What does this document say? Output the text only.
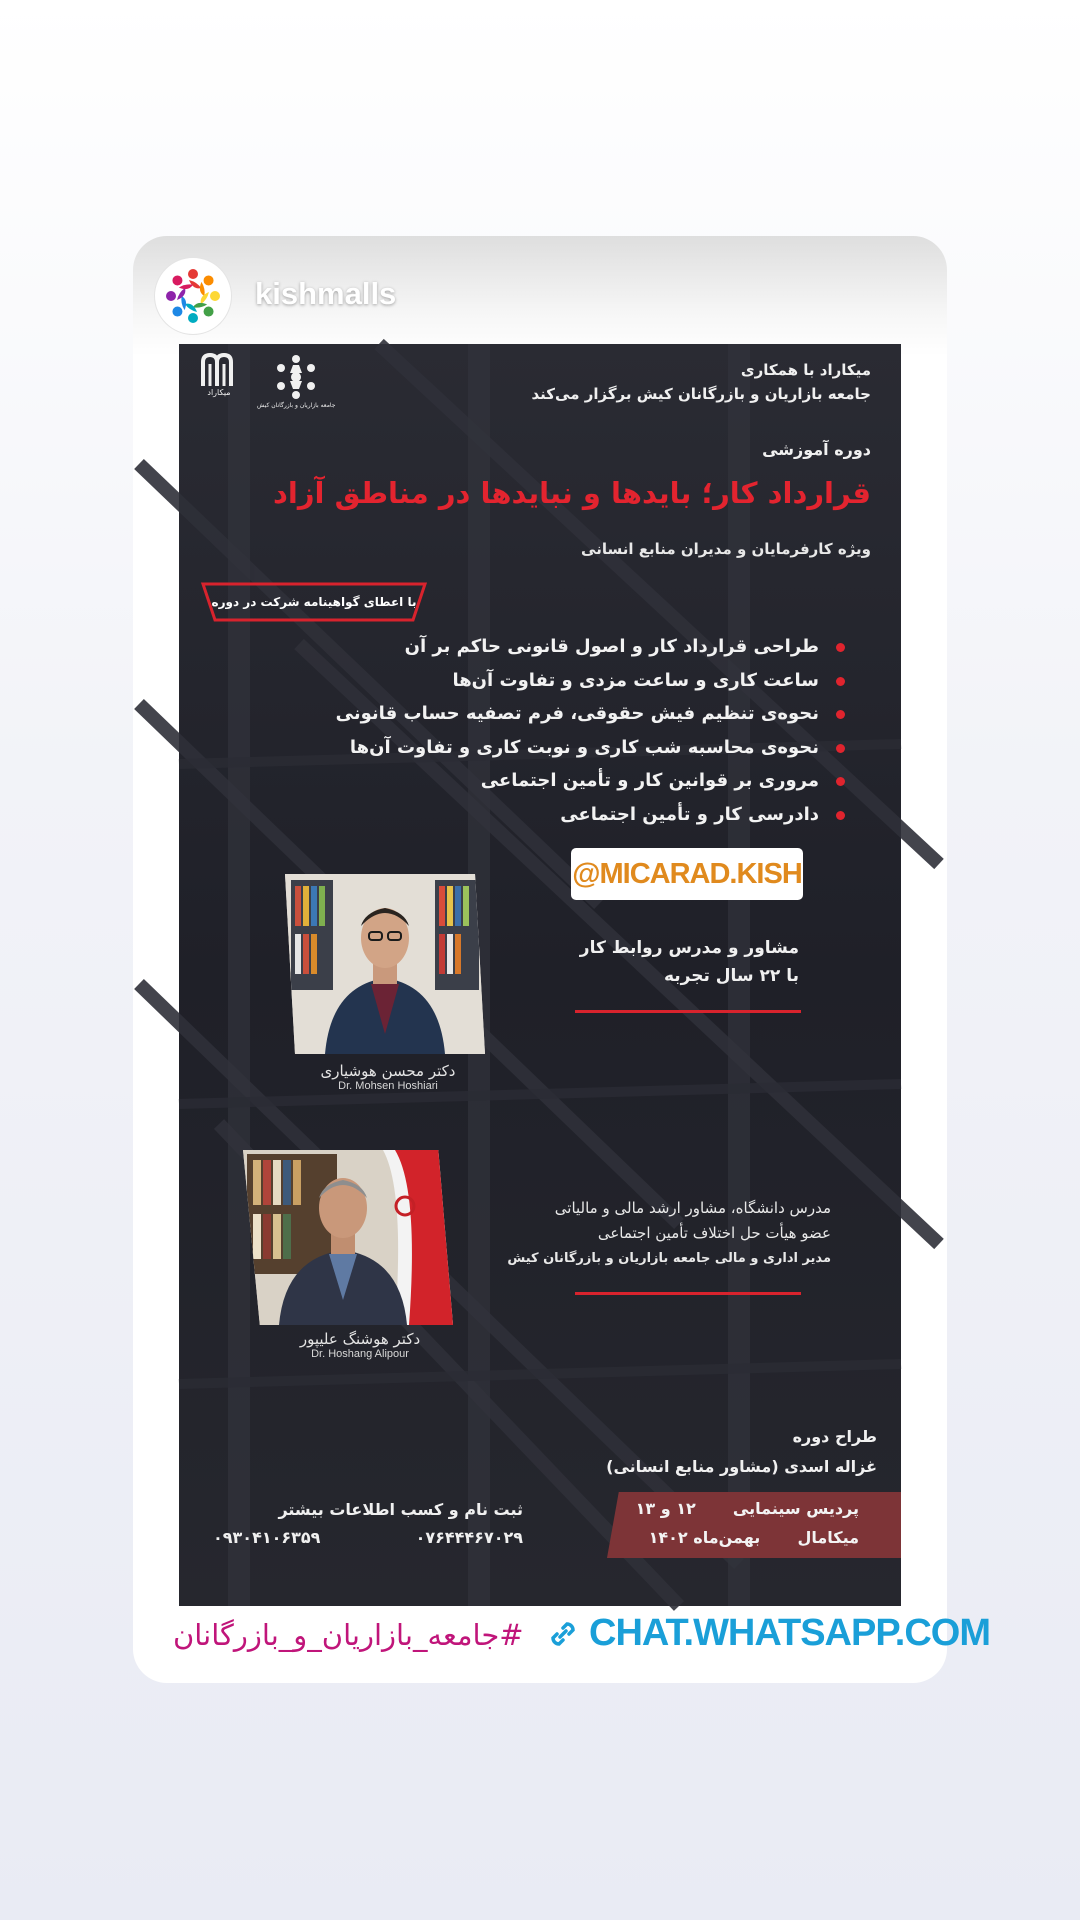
kishmalls
میکاراد
جامعه بازاریان و بازرگانان کیش
میکاراد با همکاری
جامعه بازاریان و بازرگانان کیش برگزار می‌کند
دوره آموزشی
قرارداد کار؛ بایدها و نبایدها در مناطق آزاد
ویژه کارفرمایان و مدیران منابع انسانی
با اعطای گواهینامه شرکت در دوره
طراحی قرارداد کار و اصول قانونی حاکم بر آن
ساعت کاری و ساعت مزدی و تفاوت آن‌ها
نحوه‌ی تنظیم فیش حقوقی، فرم تصفیه حساب قانونی
نحوه‌ی محاسبه شب کاری و نوبت کاری و تفاوت آن‌ها
مروری بر قوانین کار و تأمین اجتماعی
دادرسی کار و تأمین اجتماعی
@MICARAD.KISH
دکتر محسن هوشیاری
Dr. Mohsen Hoshiari
مشاور و مدرس روابط کار
با ۲۲ سال تجربه
دکتر هوشنگ علیپور
Dr. Hoshang Alipour
مدرس دانشگاه، مشاور ارشد مالی و مالیاتی
عضو هیأت حل اختلاف تأمین اجتماعی
مدیر اداری و مالی جامعه بازاریان و بازرگانان کیش
طراح دوره
غزاله اسدی (مشاور منابع انسانی)
ثبت نام و کسب اطلاعات بیشتر
۰۹۳۰۴۱۰۶۳۵۹	۰۷۶۴۴۴۶۷۰۲۹
پردیس سینمایی  ۱۲ و ۱۳
میکامال  بهمن‌ماه ۱۴۰۲
#جامعه_بازاریان_و_بازرگانان CHAT.WHATSAPP.COM
